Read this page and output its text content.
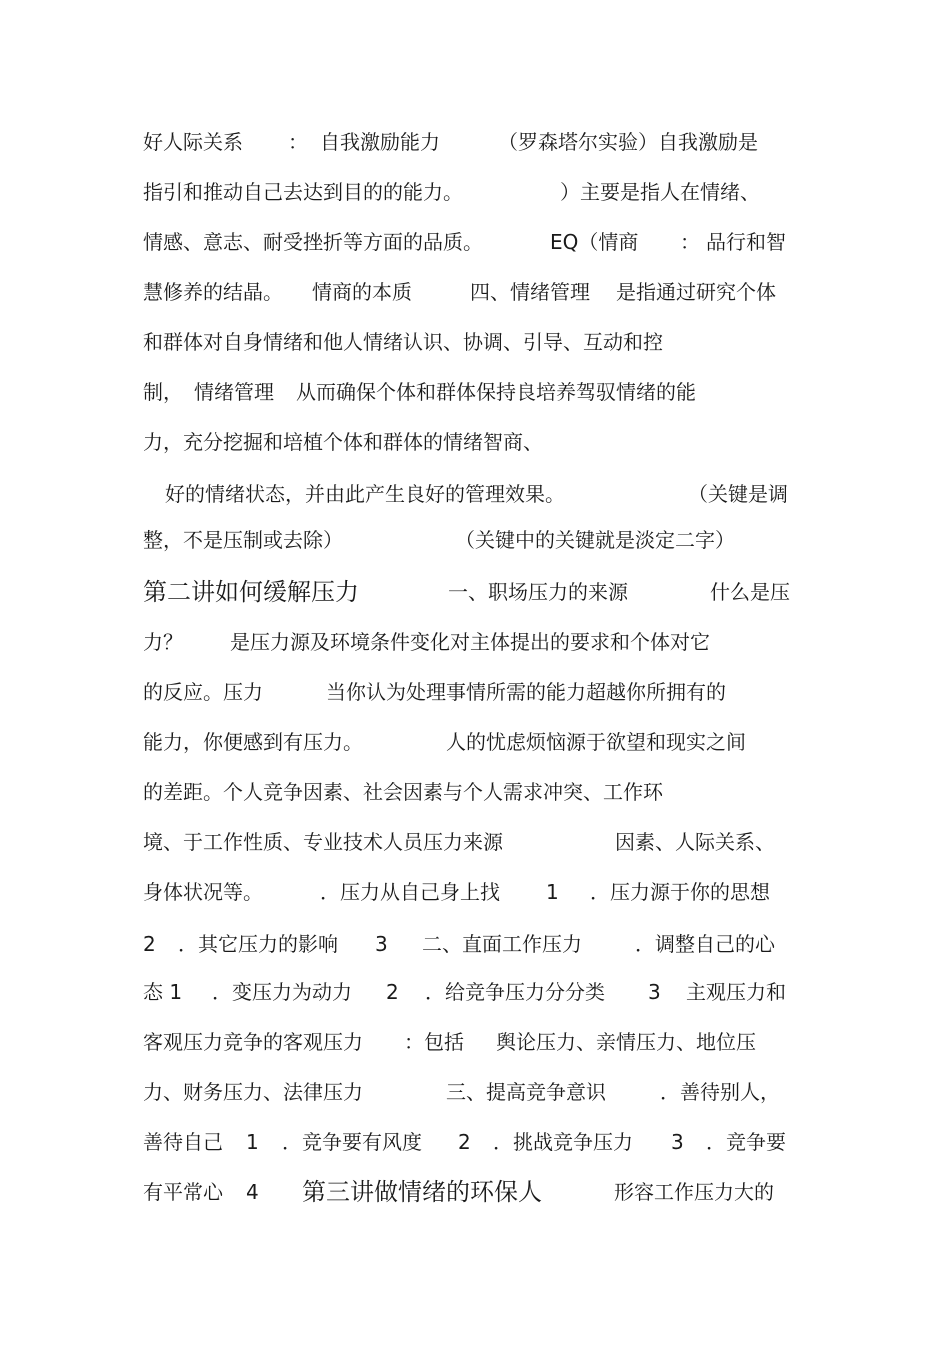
好人际关系 ： 自我激励能力	（罗森塔尔实验）自我激励是
指引和推动自己去达到目的的能力。	）主要是指人在情绪、
情感、意志、耐受挫折等方面的品质。	EQ（情商 ： 品行和智
慧修养的结晶。 情商的本质	四、情绪管理 是指通过研究个体
和群体对自身情绪和他人情绪认识、协调、引导、互动和控
制， 情绪管理 从而确保个体和群体保持良培养驾驭情绪的能
力，充分挖掘和培植个体和群体的情绪智商、
好的情绪状态，并由此产生良好的管理效果。	（关键是调
整，不是压制或去除）	（关键中的关键就是淡定二字）
第二讲如何缓解压力	一、职场压力的来源	什么是压
力？ 是压力源及环境条件变化对主体提出的要求和个体对它
的反应。压力	当你认为处理事情所需的能力超越你所拥有的
能力，你便感到有压力。	人的忧虑烦恼源于欲望和现实之间
的差距。个人竞争因素、社会因素与个人需求冲突、工作环
境、于工作性质、专业技术人员压力来源	因素、人际关系、
身体状况等。	．压力从自己身上找 1 ．压力源于你的思想
2 ．其它压力的影响 3 二、直面工作压力	．调整自己的心
态 1 ．变压力为动力 2 ．给竞争压力分分类 3 主观压力和
客观压力竞争的客观压力 ：包括 舆论压力、亲情压力、地位压
力、财务压力、法律压力	三、提高竞争意识	．善待别人，
善待自己 1 ．竞争要有风度 2 ．挑战竞争压力 3 ．竞争要
有平常心 4 第三讲做情绪的环保人	形容工作压力大的
